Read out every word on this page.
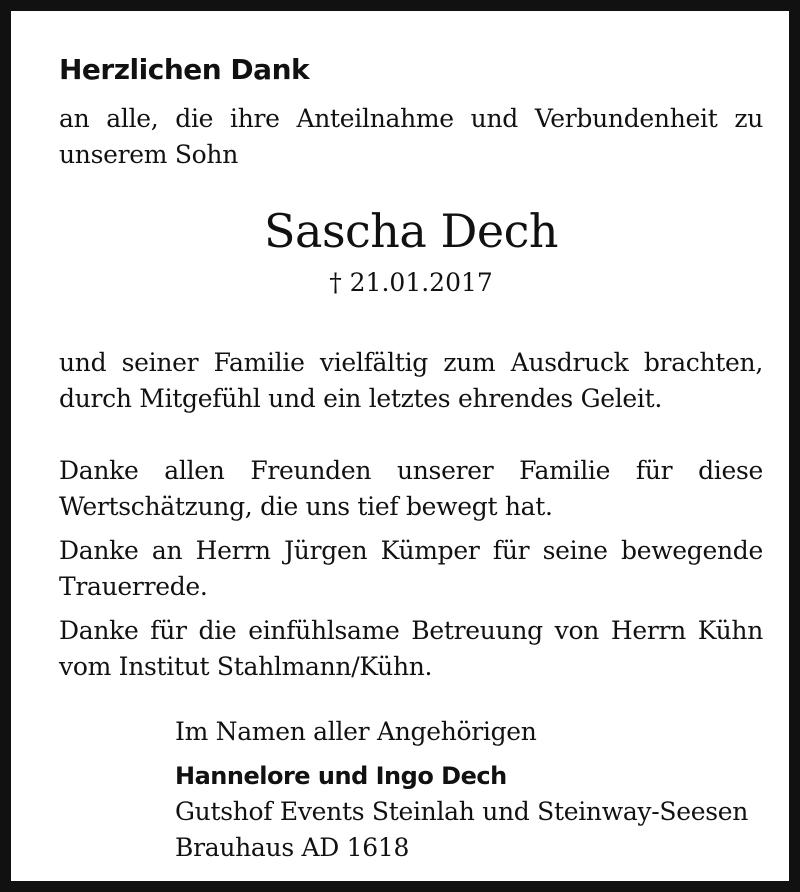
Herzlichen Dank

an alle, die ihre Anteilnahme und Verbundenheit zu unserem Sohn

Sascha Dech
† 21.01.2017

und seiner Familie vielfältig zum Ausdruck brachten, durch Mitgefühl und ein letztes ehrendes Geleit.

Danke allen Freunden unserer Familie für diese Wertschätzung, die uns tief bewegt hat.

Danke an Herrn Jürgen Kümper für seine bewegende Trauerrede.

Danke für die einfühlsame Betreuung von Herrn Kühn vom Institut Stahlmann/Kühn.

Im Namen aller Angehörigen
Hannelore und Ingo Dech
Gutshof Events Steinlah und Steinway-Seesen
Brauhaus AD 1618
